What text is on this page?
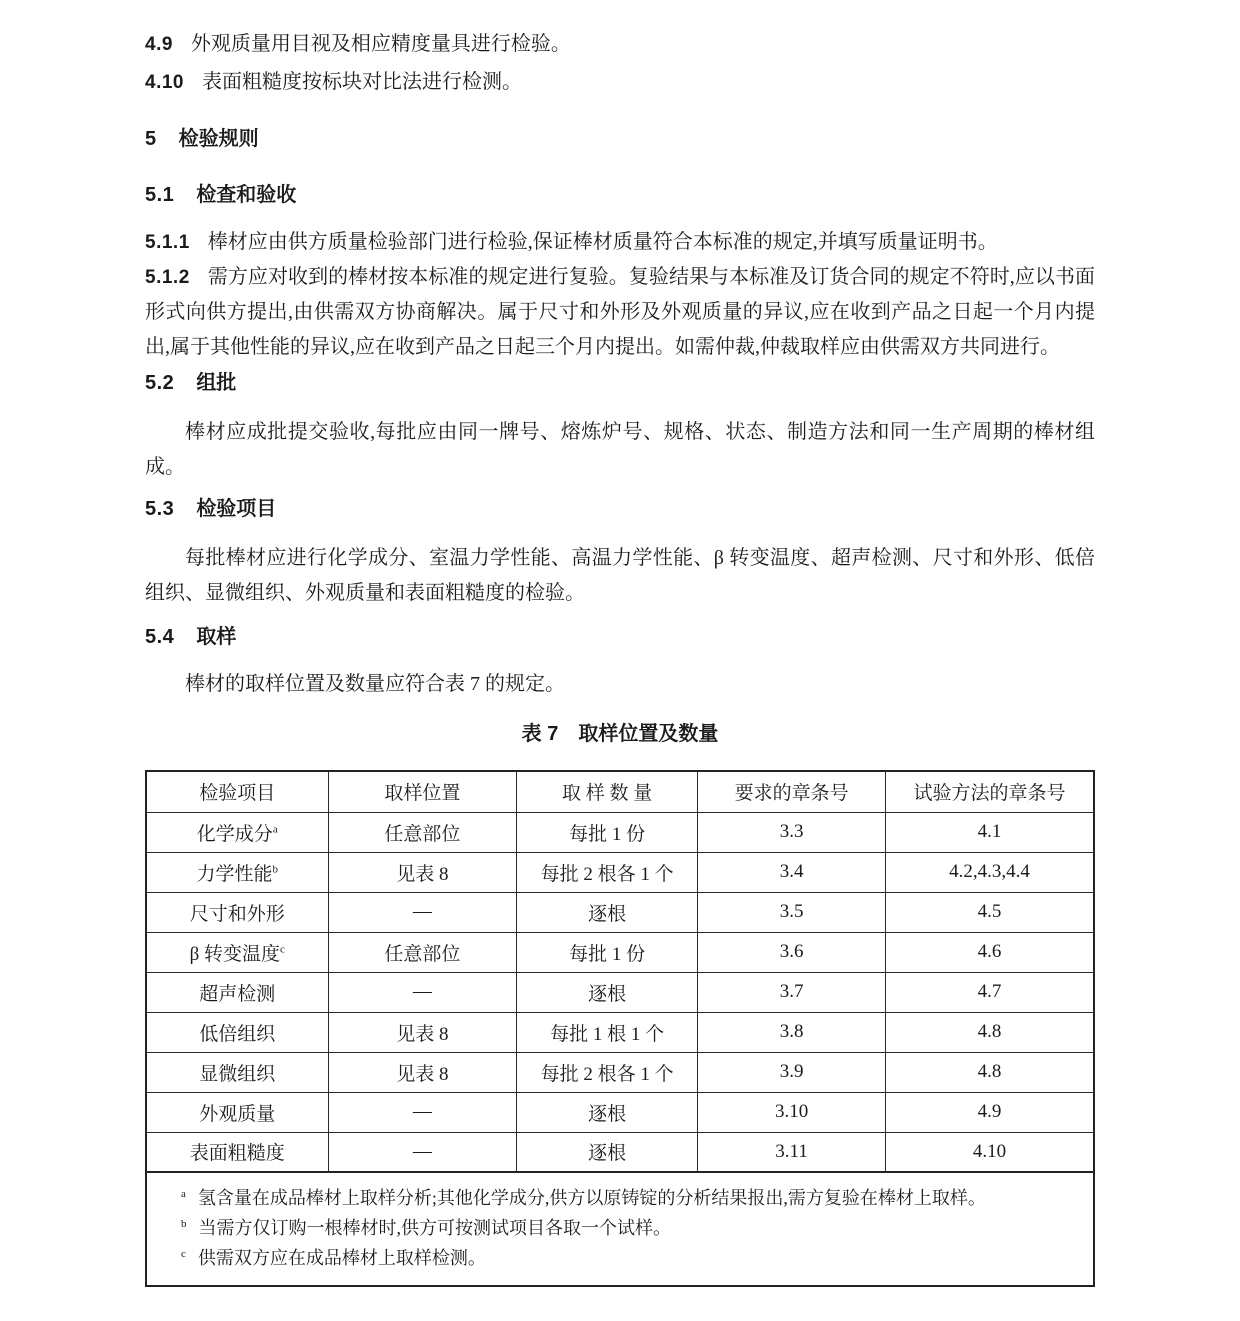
4.9 外观质量用目视及相应精度量具进行检验。

4.10 表面粗糙度按标块对比法进行检测。

5 检验规则

5.1 检查和验收

5.1.1 棒材应由供方质量检验部门进行检验,保证棒材质量符合本标准的规定,并填写质量证明书。

5.1.2 需方应对收到的棒材按本标准的规定进行复验。复验结果与本标准及订货合同的规定不符时,应以书面形式向供方提出,由供需双方协商解决。属于尺寸和外形及外观质量的异议,应在收到产品之日起一个月内提出,属于其他性能的异议,应在收到产品之日起三个月内提出。如需仲裁,仲裁取样应由供需双方共同进行。

5.2 组批

棒材应成批提交验收,每批应由同一牌号、熔炼炉号、规格、状态、制造方法和同一生产周期的棒材组成。

5.3 检验项目

每批棒材应进行化学成分、室温力学性能、高温力学性能、β 转变温度、超声检测、尺寸和外形、低倍组织、显微组织、外观质量和表面粗糙度的检验。

5.4 取样

棒材的取样位置及数量应符合表 7 的规定。

表 7 取样位置及数量
检验项目	取样位置	取 样 数 量	要求的章条号	试验方法的章条号
化学成分$^a$	任意部位	每批 1 份	3.3	4.1
力学性能$^b$	见表 8	每批 2 根各 1 个	3.4	4.2,4.3,4.4
尺寸和外形	—	逐根	3.5	4.5
β 转变温度$^c$	任意部位	每批 1 份	3.6	4.6
超声检测	—	逐根	3.7	4.7
低倍组织	见表 8	每批 1 根 1 个	3.8	4.8
显微组织	见表 8	每批 2 根各 1 个	3.9	4.8
外观质量	—	逐根	3.10	4.9
表面粗糙度	—	逐根	3.11	4.10

$^a$ 氢含量在成品棒材上取样分析;其他化学成分,供方以原铸锭的分析结果报出,需方复验在棒材上取样。
$^b$ 当需方仅订购一根棒材时,供方可按测试项目各取一个试样。
$^c$ 供需双方应在成品棒材上取样检测。				
